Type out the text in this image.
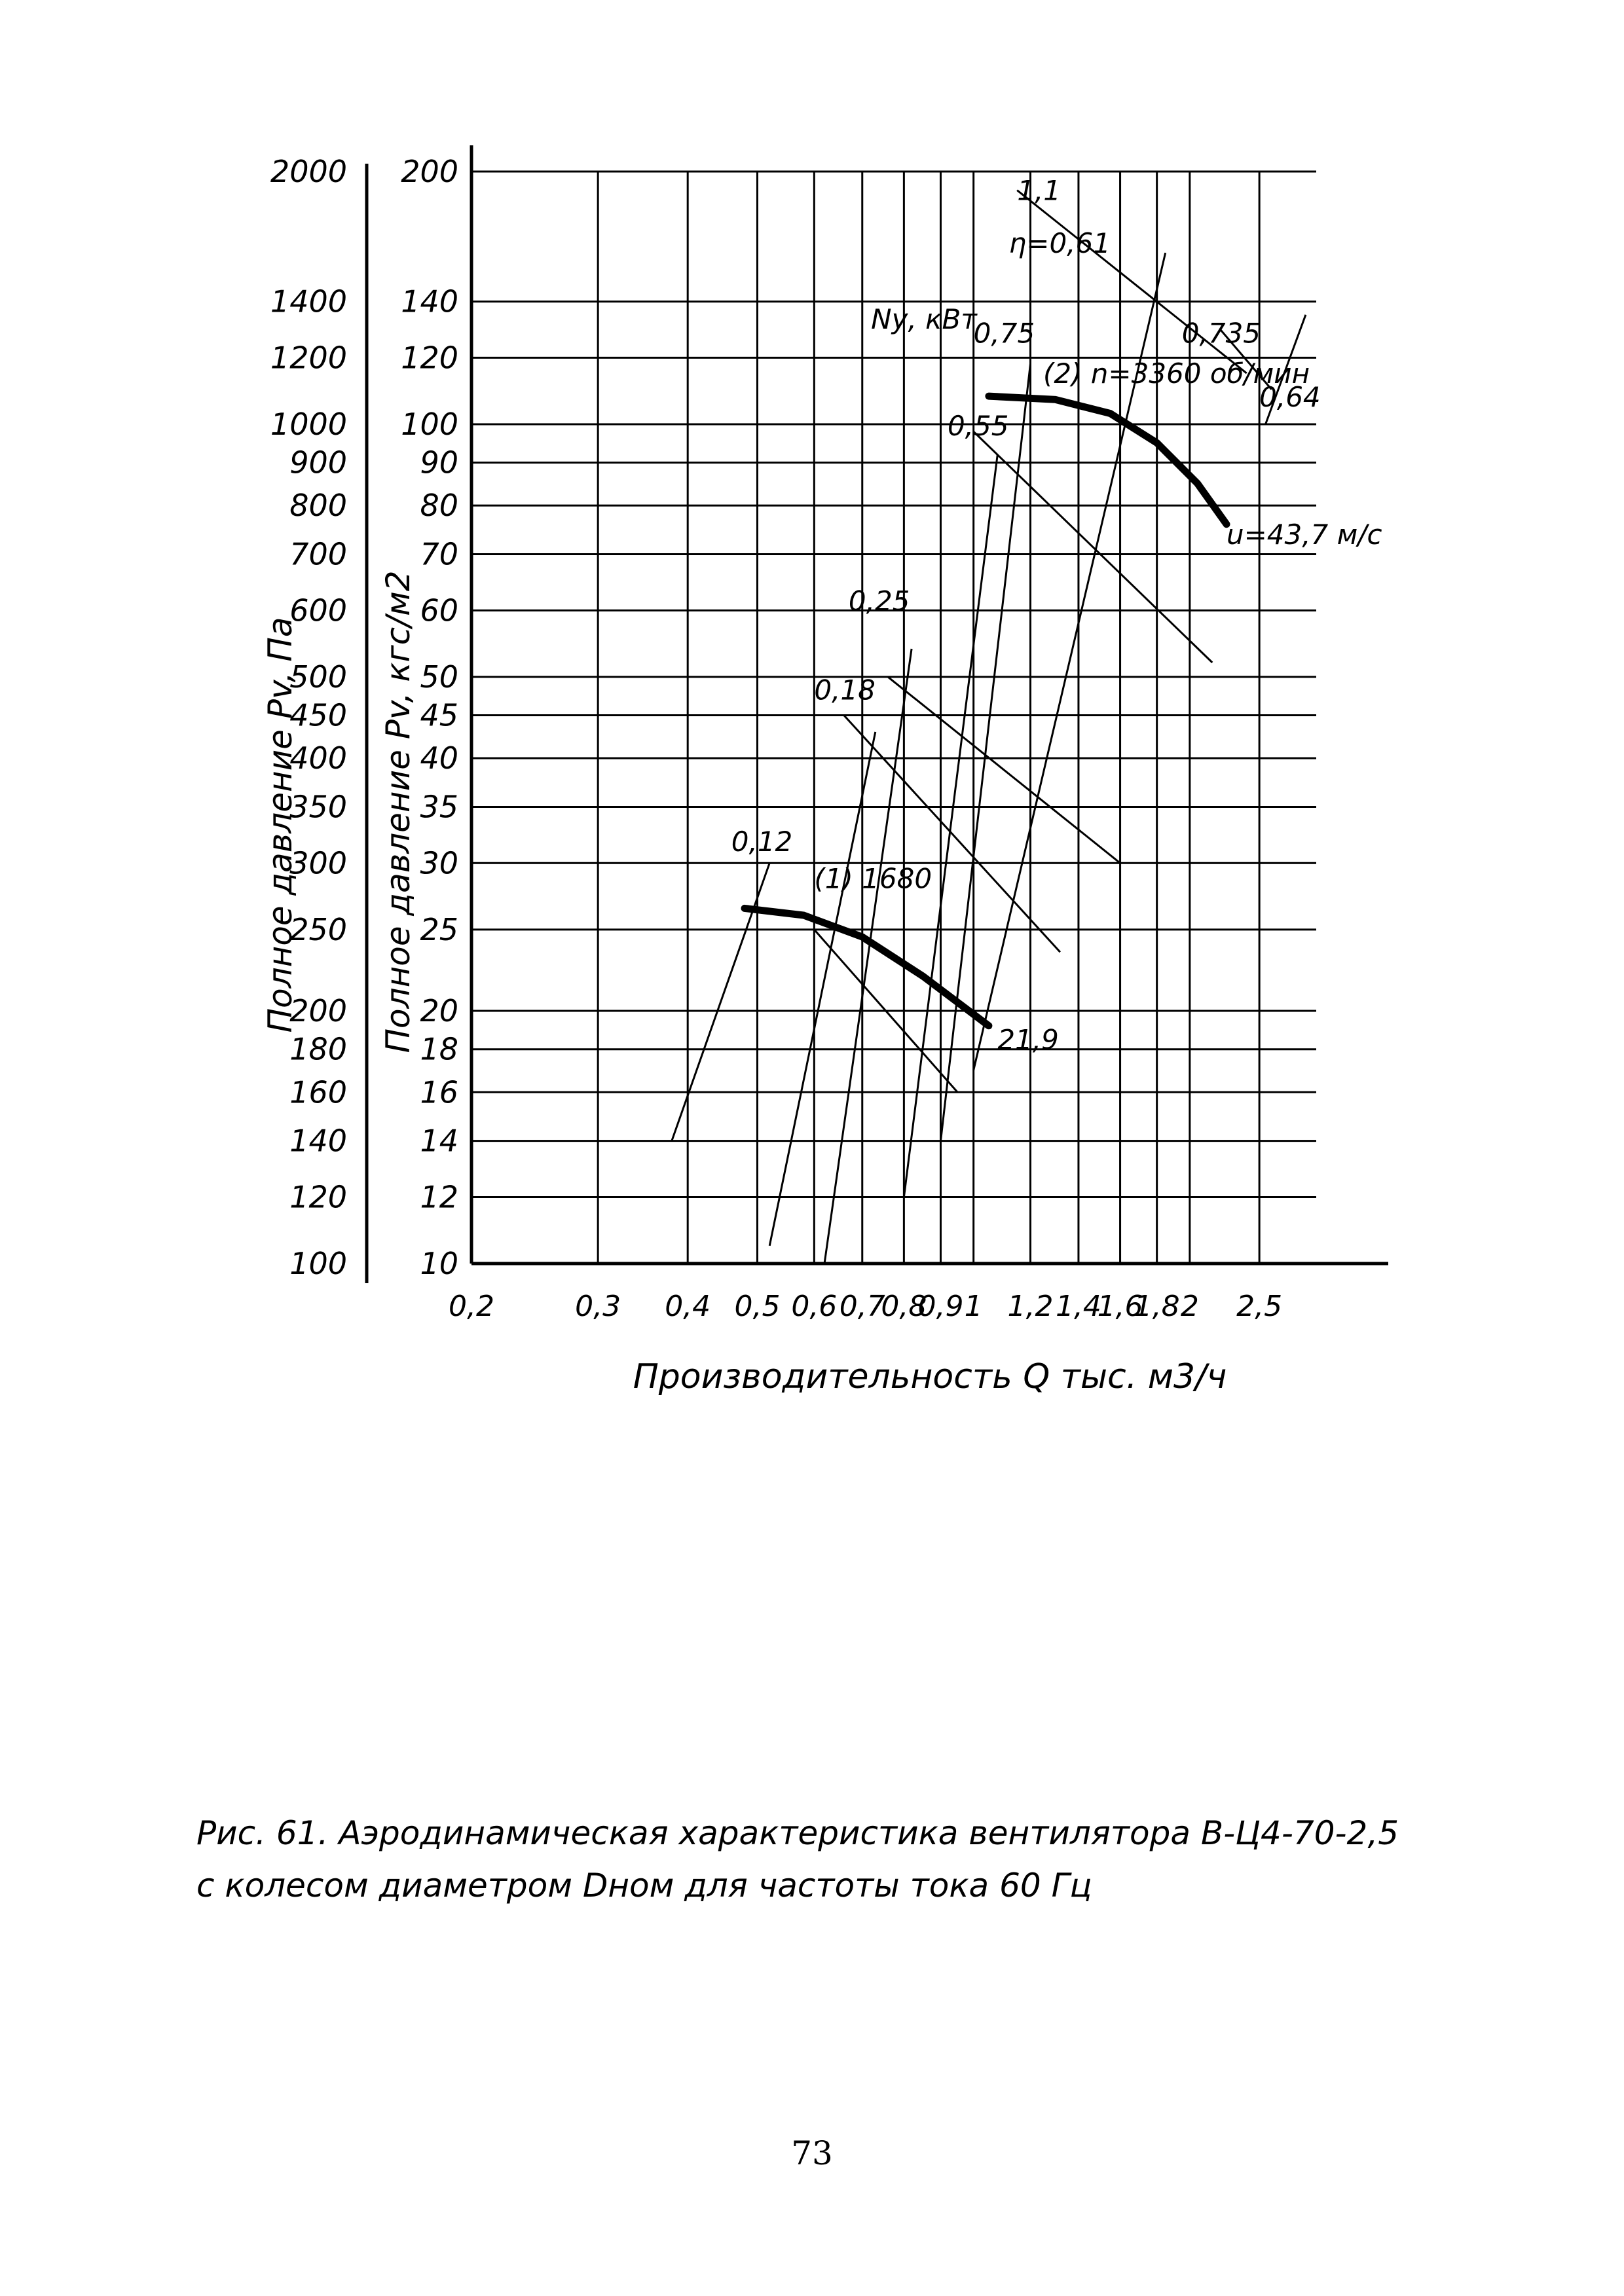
0,2	0,3 0,4 0,5 0,6 0,7
0,8
0,9 1 1,2 1,4
1,6
1,8 2 2,5
10
12
14
16
18
20
25
30
35
40
45
50
60
70
80
90
100
120
140
200
100
120
140
160
180
200
250
300
350
400
450
500
600
700
800
900
1000
1200
1400
2000
Производительность Q тыс. м3/ч
Полное давление Pv, Па Полное давление Pv, кгс/м2
Nу, кВт
0,75
(2) n=3360 об/мин
0,735
0,64
0,55
u=43,7 м/с
0,25
0,18
0,12
(1) 1680
21,9
η=0,61
1,1
Рис. 61. Аэродинамическая характеристика вентилятора В-Ц4-70-2,5
с колесом диаметром Dном для частоты тока 60 Гц
73
